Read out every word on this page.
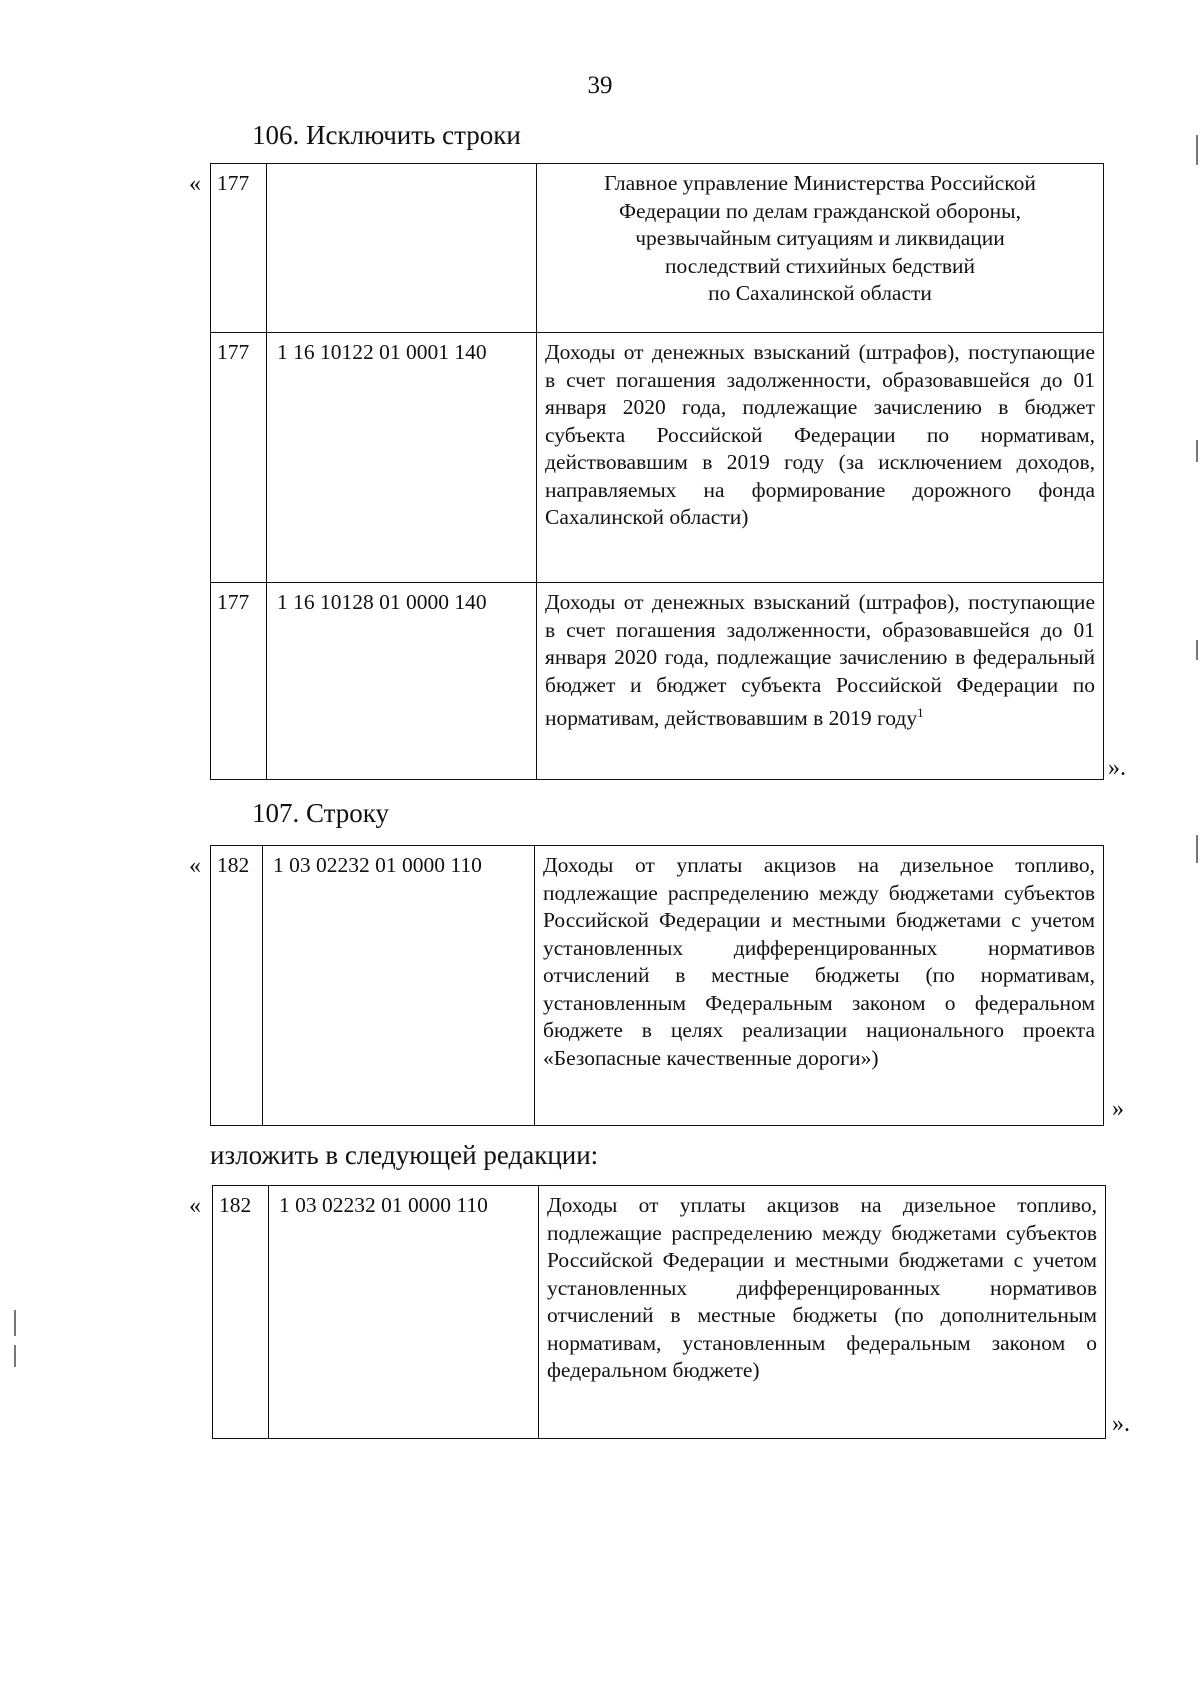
39
106. Исключить строки
« 177		Главное управление Министерства Российской
Федерации по делам гражданской обороны,
чрезвычайным ситуациям и ликвидации
последствий стихийных бедствий
по Сахалинской области

177	1 16 10122 01 0001 140	Доходы от денежных взысканий (штрафов), поступающие в счет погашения задолженности, образовавшейся до 01 января 2020 года, подлежащие зачислению в бюджет субъекта Российской Федерации по нормативам, действовавшим в 2019 году (за исключением доходов, направляемых на формирование дорожного фонда Сахалинской области)
177	1 16 10128 01 0000 140	Доходы от денежных взысканий (штрафов), поступающие в счет погашения задолженности, образовавшейся до 01 января 2020 года, подлежащие зачислению в федеральный бюджет и бюджет субъекта Российской Федерации по нормативам, действовавшим в 2019 году$^1$
».
107. Строку
« 182	1 03 02232 01 0000 110	Доходы от уплаты акцизов на дизельное топливо, подлежащие распределению между бюджетами субъектов Российской Федерации и местными бюджетами с учетом установленных дифференцированных нормативов отчислений в местные бюджеты (по нормативам, установленным Федеральным законом о федеральном бюджете в целях реализации национального проекта «Безопасные качественные дороги»)
»
изложить в следующей редакции:
« 182	1 03 02232 01 0000 110	Доходы от уплаты акцизов на дизельное топливо, подлежащие распределению между бюджетами субъектов Российской Федерации и местными бюджетами с учетом установленных дифференцированных нормативов отчислений в местные бюджеты (по дополнительным нормативам, установленным федеральным законом о федеральном бюджете)
».
